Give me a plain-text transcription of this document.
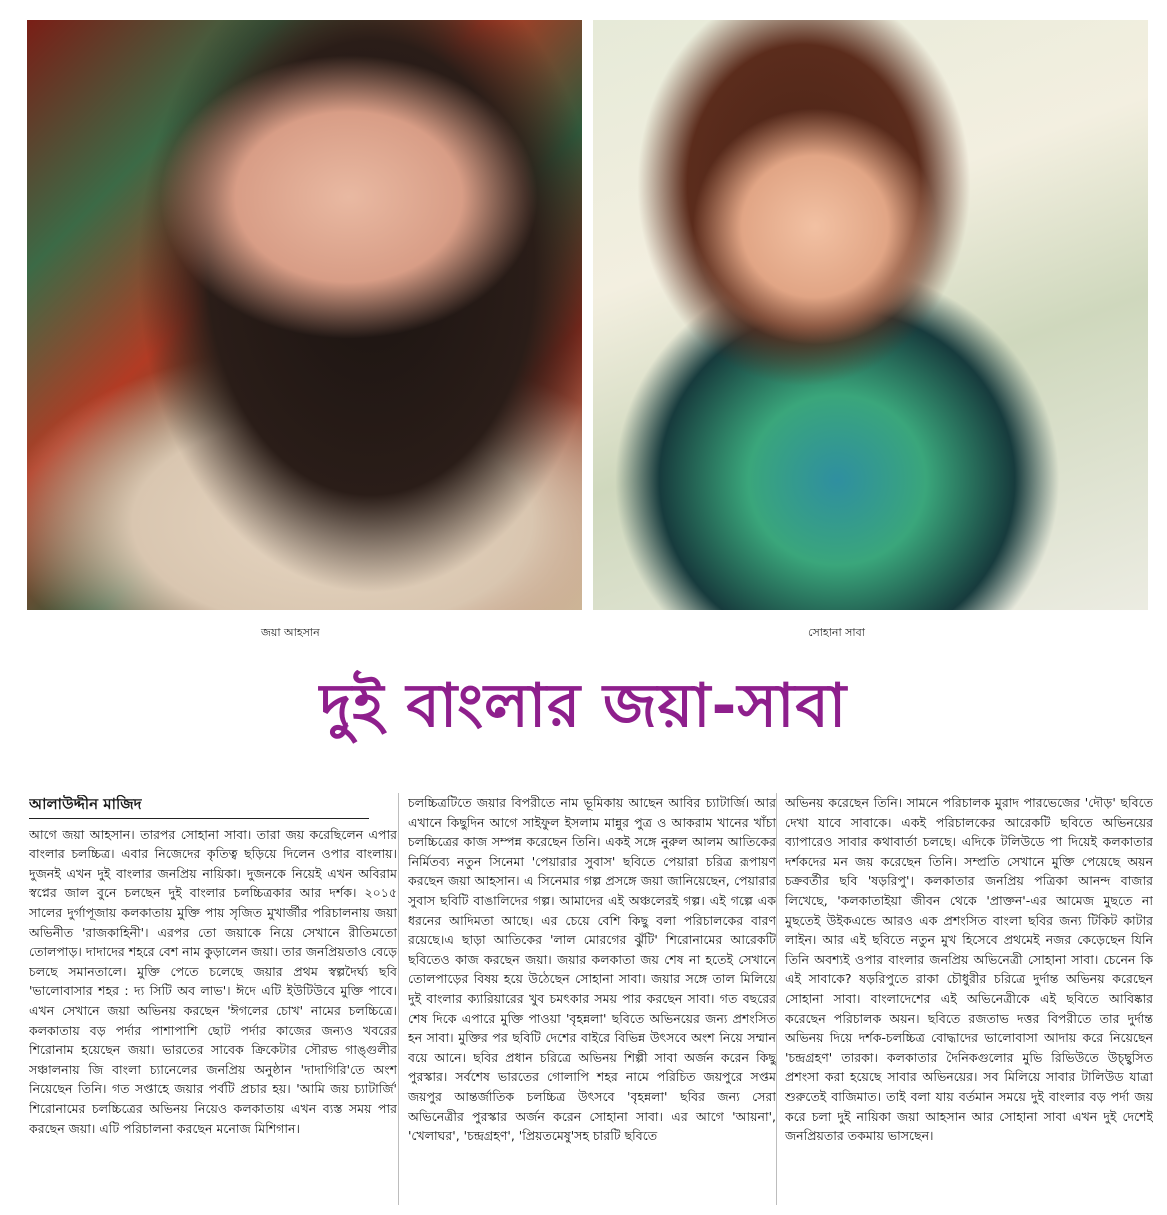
জয়া আহসান	সোহানা সাবা
দুই বাংলার জয়া-সাবা
আলাউদ্দীন মাজিদ

আগে জয়া আহসান। তারপর সোহানা সাবা। তারা জয় করেছিলেন এপার বাংলার চলচ্চিত্র। এবার নিজেদের কৃতিত্ব ছড়িয়ে দিলেন ওপার বাংলায়। দুজনই এখন দুই বাংলার জনপ্রিয় নায়িকা। দুজনকে নিয়েই এখন অবিরাম স্বপ্নের জাল বুনে চলছেন দুই বাংলার চলচ্চিত্রকার আর দর্শক। ২০১৫ সালের দুর্গাপূজায় কলকাতায় মুক্তি পায় সৃজিত মুখার্জীর পরিচালনায় জয়া অভিনীত 'রাজকাহিনী'। এরপর তো জয়াকে নিয়ে সেখানে রীতিমতো তোলপাড়। দাদাদের শহরে বেশ নাম কুড়ালেন জয়া। তার জনপ্রিয়তাও বেড়ে চলছে সমানতালে। মুক্তি পেতে চলেছে জয়ার প্রথম স্বল্পদৈর্ঘ্য ছবি 'ভালোবাসার শহর : দ্য সিটি অব লাভ'। ঈদে এটি ইউটিউবে মুক্তি পাবে। এখন সেখানে জয়া অভিনয় করছেন 'ঈগলের চোখ' নামের চলচ্চিত্রে। কলকাতায় বড় পর্দার পাশাপাশি ছোট পর্দার কাজের জন্যও খবরের শিরোনাম হয়েছেন জয়া। ভারতের সাবেক ক্রিকেটার সৌরভ গাঙ্গুলীর সঞ্চালনায় জি বাংলা চ্যানেলের জনপ্রিয় অনুষ্ঠান 'দাদাগিরি'তে অংশ নিয়েছেন তিনি। গত সপ্তাহে জয়ার পর্বটি প্রচার হয়। 'আমি জয় চ্যাটার্জি' শিরোনামের চলচ্চিত্রের অভিনয় নিয়েও কলকাতায় এখন ব্যস্ত সময় পার করছেন জয়া। এটি পরিচালনা করছেন মনোজ মিশিগান।

চলচ্চিত্রটিতে জয়ার বিপরীতে নাম ভূমিকায় আছেন আবির চ্যাটার্জি। আর এখানে কিছুদিন আগে সাইফুল ইসলাম মান্নুর পুত্র ও আকরাম খানের খাঁচা চলচ্চিত্রের কাজ সম্পন্ন করেছেন তিনি। একই সঙ্গে নুরুল আলম আতিকের নির্মিতব্য নতুন সিনেমা 'পেয়ারার সুবাস' ছবিতে পেয়ারা চরিত্র রূপায়ণ করছেন জয়া আহসান। এ সিনেমার গল্প প্রসঙ্গে জয়া জানিয়েছেন, পেয়ারার সুবাস ছবিটি বাঙালিদের গল্প। আমাদের এই অঞ্চলেরই গল্প। এই গল্পে এক ধরনের আদিমতা আছে। এর চেয়ে বেশি কিছু বলা পরিচালকের বারণ রয়েছে।এ ছাড়া আতিকের 'লাল মোরগের ঝুঁটি' শিরোনামের আরেকটি ছবিতেও কাজ করছেন জয়া। জয়ার কলকাতা জয় শেষ না হতেই সেখানে তোলপাড়ের বিষয় হয়ে উঠেছেন সোহানা সাবা। জয়ার সঙ্গে তাল মিলিয়ে দুই বাংলার ক্যারিয়ারের খুব চমৎকার সময় পার করছেন সাবা। গত বছরের শেষ দিকে এপারে মুক্তি পাওয়া 'বৃহন্নলা' ছবিতে অভিনয়ের জন্য প্রশংসিত হন সাবা। মুক্তির পর ছবিটি দেশের বাইরে বিভিন্ন উৎসবে অংশ নিয়ে সম্মান বয়ে আনে। ছবির প্রধান চরিত্রে অভিনয় শিল্পী সাবা অর্জন করেন কিছু পুরস্কার। সর্বশেষ ভারতের গোলাপি শহর নামে পরিচিত জয়পুরে সপ্তম জয়পুর আন্তর্জাতিক চলচ্চিত্র উৎসবে 'বৃহন্নলা' ছবির জন্য সেরা অভিনেত্রীর পুরস্কার অর্জন করেন সোহানা সাবা। এর আগে 'আয়না', 'খেলাঘর', 'চন্দ্রগ্রহণ', 'প্রিয়তমেষু'সহ চারটি ছবিতে

অভিনয় করেছেন তিনি। সামনে পরিচালক মুরাদ পারভেজের 'দৌড়' ছবিতে দেখা যাবে সাবাকে। একই পরিচালকের আরেকটি ছবিতে অভিনয়ের ব্যাপারেও সাবার কথাবার্তা চলছে। এদিকে টলিউডে পা দিয়েই কলকাতার দর্শকদের মন জয় করেছেন তিনি। সম্প্রতি সেখানে মুক্তি পেয়েছে অয়ন চক্রবর্তীর ছবি 'ষড়রিপু'। কলকাতার জনপ্রিয় পত্রিকা আনন্দ বাজার লিখেছে, 'কলকাতাইয়া জীবন থেকে 'প্রাক্তন'-এর আমেজ মুছতে না মুছতেই উইকএন্ডে আরও এক প্রশংসিত বাংলা ছবির জন্য টিকিট কাটার লাইন। আর এই ছবিতে নতুন মুখ হিসেবে প্রথমেই নজর কেড়েছেন যিনি তিনি অবশ্যই ওপার বাংলার জনপ্রিয় অভিনেত্রী সোহানা সাবা। চেনেন কি এই সাবাকে? ষড়রিপুতে রাকা চৌধুরীর চরিত্রে দুর্দান্ত অভিনয় করেছেন সোহানা সাবা। বাংলাদেশের এই অভিনেত্রীকে এই ছবিতে আবিষ্কার করেছেন পরিচালক অয়ন। ছবিতে রজতাভ দত্তর বিপরীতে তার দুর্দান্ত অভিনয় দিয়ে দর্শক-চলচ্চিত্র বোদ্ধাদের ভালোবাসা আদায় করে নিয়েছেন 'চন্দ্রগ্রহণ' তারকা। কলকাতার দৈনিকগুলোর মুভি রিভিউতে উচ্ছ্বসিত প্রশংসা করা হয়েছে সাবার অভিনয়ের। সব মিলিয়ে সাবার টালিউড যাত্রা শুরুতেই বাজিমাত। তাই বলা যায় বর্তমান সময়ে দুই বাংলার বড় পর্দা জয় করে চলা দুই নায়িকা জয়া আহসান আর সোহানা সাবা এখন দুই দেশেই জনপ্রিয়তার তকমায় ভাসছেন।
